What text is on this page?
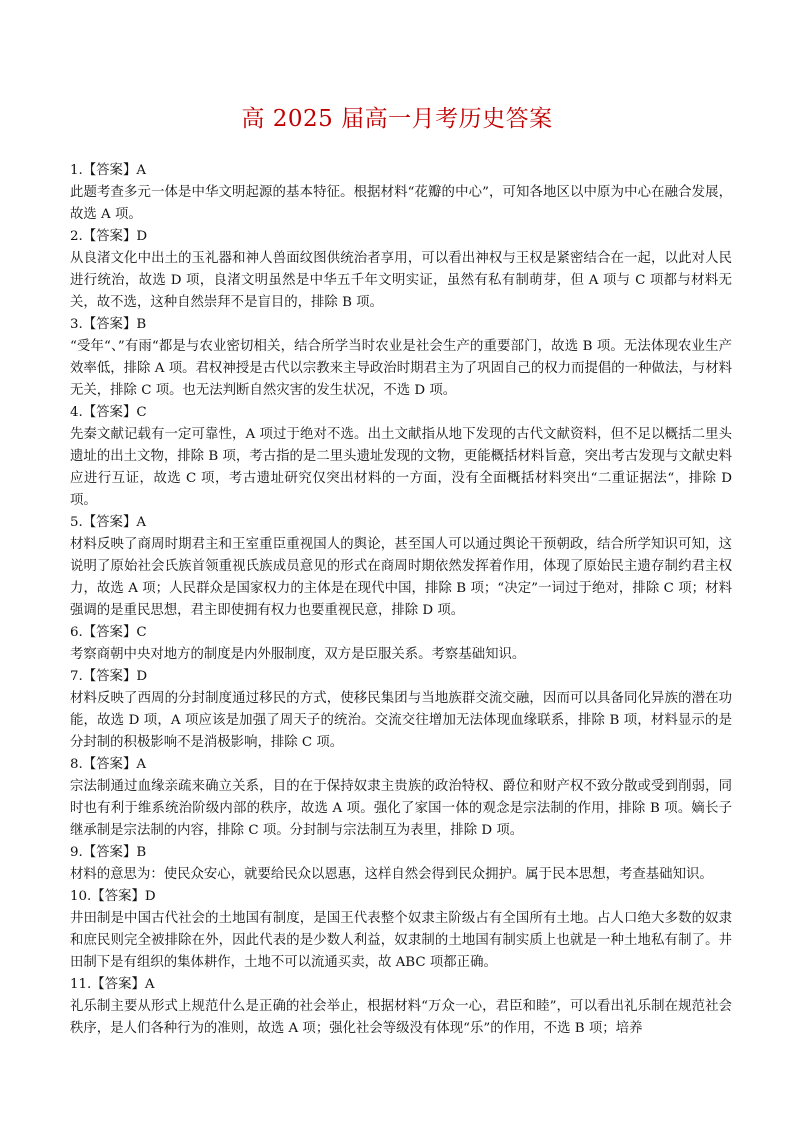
高 2025 届高一月考历史答案

1.【答案】A

此题考查多元一体是中华文明起源的基本特征。根据材料“花瓣的中心”，可知各地区以中原为中心在融合发展，故选 A 项。

2.【答案】D

从良渚文化中出土的玉礼器和神人兽面纹图供统治者享用，可以看出神权与王权是紧密结合在一起，以此对人民进行统治，故选 D 项，良渚文明虽然是中华五千年文明实证，虽然有私有制萌芽，但 A 项与 C 项都与材料无关，故不选，这种自然崇拜不是盲目的，排除 B 项。

3.【答案】B

“受年“、”有雨“都是与农业密切相关，结合所学当时农业是社会生产的重要部门，故选 B 项。无法体现农业生产效率低，排除 A 项。君权神授是古代以宗教来主导政治时期君主为了巩固自己的权力而提倡的一种做法，与材料无关，排除 C 项。也无法判断自然灾害的发生状况，不选 D 项。

4.【答案】C

先秦文献记载有一定可靠性，A 项过于绝对不选。出土文献指从地下发现的古代文献资料，但不足以概括二里头遗址的出土文物，排除 B 项，考古指的是二里头遗址发现的文物，更能概括材料旨意，突出考古发现与文献史料应进行互证，故选 C 项，考古遗址研究仅突出材料的一方面，没有全面概括材料突出“二重证据法“，排除 D 项。

5.【答案】A

材料反映了商周时期君主和王室重臣重视国人的舆论，甚至国人可以通过舆论干预朝政，结合所学知识可知，这说明了原始社会氏族首领重视氏族成员意见的形式在商周时期依然发挥着作用，体现了原始民主遗存制约君主权力，故选 A 项；人民群众是国家权力的主体是在现代中国，排除 B 项；“决定”一词过于绝对，排除 C 项；材料强调的是重民思想，君主即使拥有权力也要重视民意，排除 D 项。

6.【答案】C

考察商朝中央对地方的制度是内外服制度，双方是臣服关系。考察基础知识。

7.【答案】D

材料反映了西周的分封制度通过移民的方式，使移民集团与当地族群交流交融，因而可以具备同化异族的潜在功能，故选 D 项，A 项应该是加强了周天子的统治。交流交往增加无法体现血缘联系，排除 B 项，材料显示的是分封制的积极影响不是消极影响，排除 C 项。

8.【答案】A

宗法制通过血缘亲疏来确立关系，目的在于保持奴隶主贵族的政治特权、爵位和财产权不致分散或受到削弱，同时也有利于维系统治阶级内部的秩序，故选 A 项。强化了家国一体的观念是宗法制的作用，排除 B 项。嫡长子继承制是宗法制的内容，排除 C 项。分封制与宗法制互为表里，排除 D 项。

9.【答案】B

材料的意思为：使民众安心，就要给民众以恩惠，这样自然会得到民众拥护。属于民本思想，考查基础知识。

10.【答案】D

井田制是中国古代社会的土地国有制度，是国王代表整个奴隶主阶级占有全国所有土地。占人口绝大多数的奴隶和庶民则完全被排除在外，因此代表的是少数人利益，奴隶制的土地国有制实质上也就是一种土地私有制了。井田制下是有组织的集体耕作，土地不可以流通买卖，故 ABC 项都正确。

11.【答案】A

礼乐制主要从形式上规范什么是正确的社会举止，根据材料“万众一心，君臣和睦”，可以看出礼乐制在规范社会秩序，是人们各种行为的准则，故选 A 项；强化社会等级没有体现“乐”的作用，不选 B 项；培养
